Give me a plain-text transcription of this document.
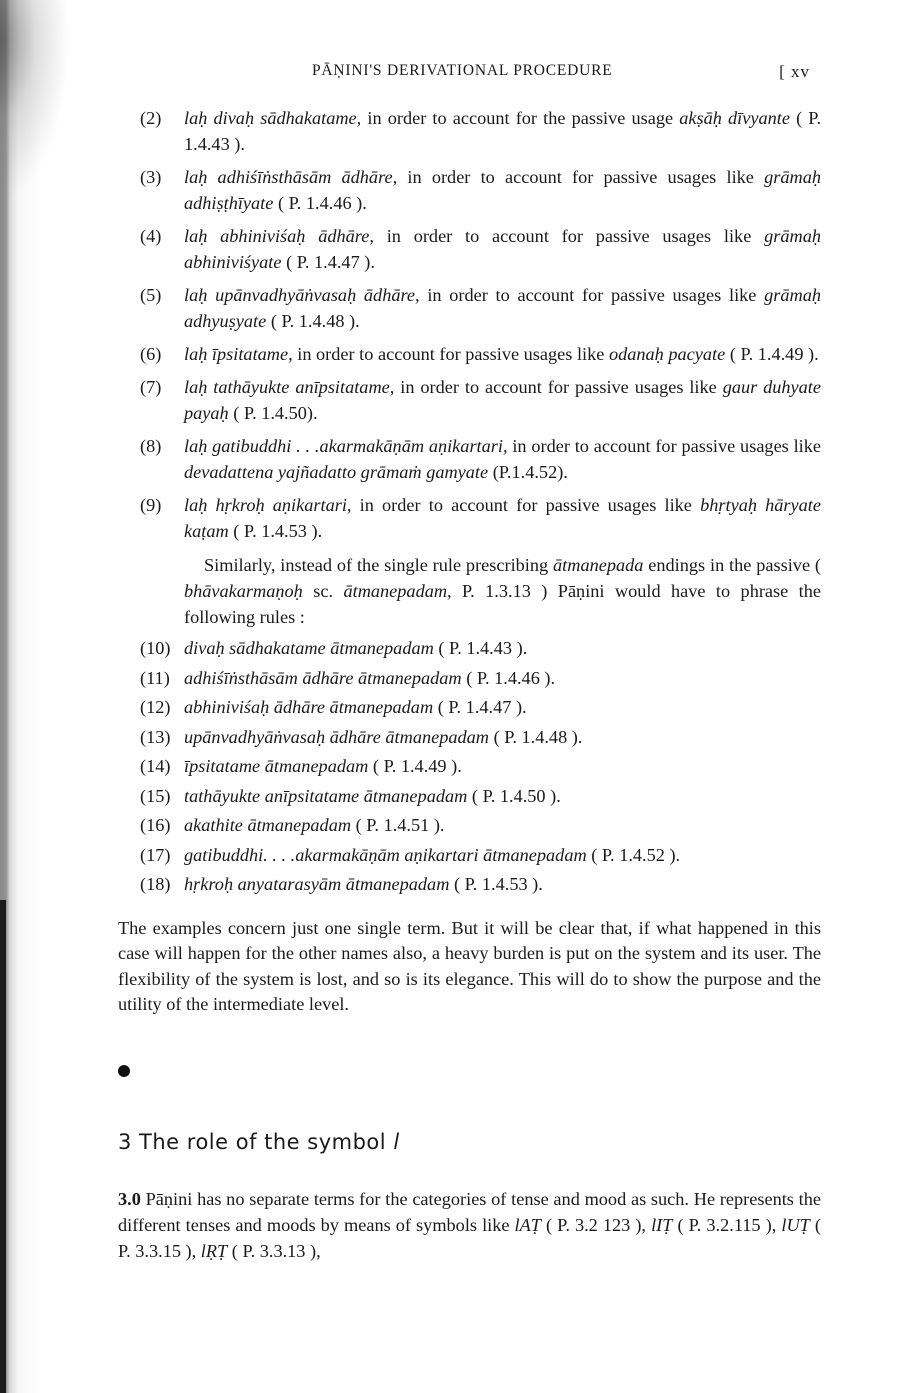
PĀṆINI'S DERIVATIONAL PROCEDURE	[ xv
(2)	laḥ divaḥ sādhakatame, in order to account for the passive usage akṣāḥ dīvyante ( P. 1.4.43 ).
(3)	laḥ adhiśīṅsthāsām ādhāre, in order to account for passive usages like grāmaḥ adhiṣṭhīyate ( P. 1.4.46 ).
(4)	laḥ abhiniviśaḥ ādhāre, in order to account for passive usages like grāmaḥ abhiniviśyate ( P. 1.4.47 ).
(5)	laḥ upānvadhyāṅvasaḥ ādhāre, in order to account for passive usages like grāmaḥ adhyuṣyate ( P. 1.4.48 ).
(6)	laḥ īpsitatame, in order to account for passive usages like odanaḥ pacyate ( P. 1.4.49 ).
(7)	laḥ tathāyukte anīpsitatame, in order to account for passive usages like gaur duhyate payaḥ ( P. 1.4.50).
(8)	laḥ gatibuddhi . . .akarmakāṇām aṇikartari, in order to account for passive usages like devadattena yajñadatto grāmaṁ gamyate (P.1.4.52).
(9)	laḥ hṛkroḥ aṇikartari, in order to account for passive usages like bhṛtyaḥ hāryate kaṭam ( P. 1.4.53 ).
Similarly, instead of the single rule prescribing ātmanepada endings in the passive ( bhāvakarmaṇoḥ sc. ātmanepadam, P. 1.3.13 ) Pāṇini would have to phrase the following rules :
(10) divaḥ sādhakatame ātmanepadam ( P. 1.4.43 ).
(11) adhiśīṅsthāsām ādhāre ātmanepadam ( P. 1.4.46 ).
(12) abhiniviśaḥ ādhāre ātmanepadam ( P. 1.4.47 ).
(13) upānvadhyāṅvasaḥ ādhāre ātmanepadam ( P. 1.4.48 ).
(14) īpsitatame ātmanepadam ( P. 1.4.49 ).
(15) tathāyukte anīpsitatame ātmanepadam ( P. 1.4.50 ).
(16) akathite ātmanepadam ( P. 1.4.51 ).
(17) gatibuddhi. . . .akarmakāṇām aṇikartari ātmanepadam ( P. 1.4.52 ).
(18) hṛkroḥ anyatarasyām ātmanepadam ( P. 1.4.53 ).
The examples concern just one single term. But it will be clear that, if what happened in this case will happen for the other names also, a heavy burden is put on the system and its user. The flexibility of the system is lost, and so is its elegance. This will do to show the purpose and the utility of the intermediate level.
3 The role of the symbol l
3.0 Pāṇini has no separate terms for the categories of tense and mood as such. He represents the different tenses and moods by means of symbols like lAṬ ( P. 3.2 123 ), lIṬ ( P. 3.2.115 ), lUṬ ( P. 3.3.15 ), lṚṬ ( P. 3.3.13 ),
